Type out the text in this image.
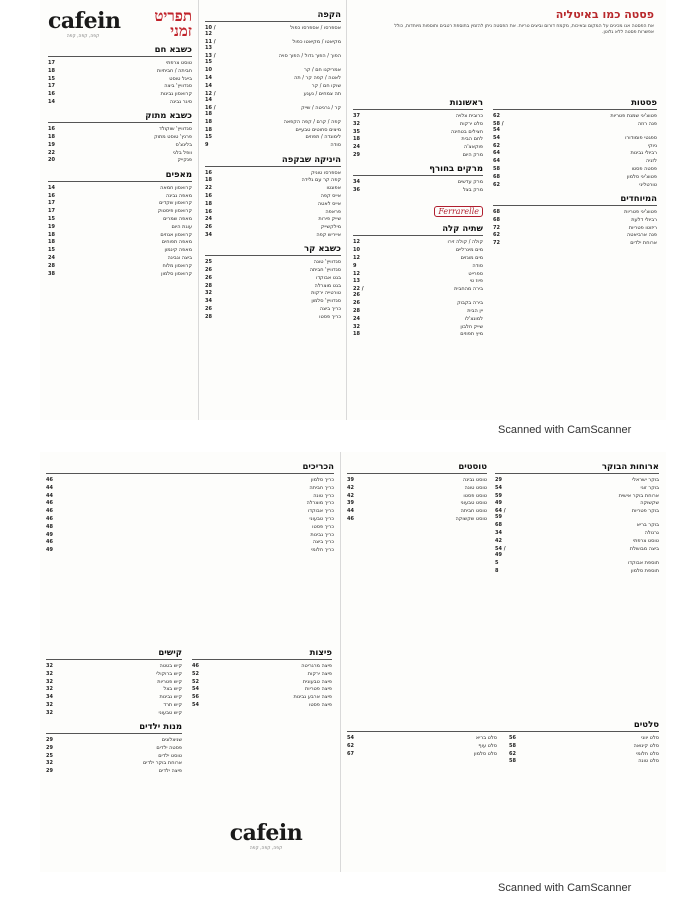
cafein
קפה, קפה, קפה
תפריט זמני
כשבא חם
טוסט צרפתי
17
חביתה / חביתיות
18
בייגל טוסט
15
סנדוויץ' ביצה
17
קרואסון גבינות
16
סיגר גבינה
14
כשבא מתוק
סנדוויץ' שוקולד
16
פרנץ' טוסט מתוק
18
בלינצ'ס
19
וופל בלגי
22
פנקייק
20
מאפים
קרואסון חמאה
14
מאפה גבינה
16
קרואסון שקדים
17
קרואסון פיסטוק
17
מאפה שמרים
15
עוגת היום
19
קרואסון אגוזים
18
מאפה תפוחים
18
מאפה קינמון
15
ביצה וגבינה
24
קרואסון מלוח
28
קרואסון סלמון
38
הקפה
אספרסו / אספרסו כפול
10 / 12
מקיאטו / מקיאטו כפול
11 / 13
הפוך / הפוך גדול / הפוך סויה
13 / 15
אמריקנו חם / קר
10
לאטה / קפה קר / תה
14
שוקו חם / קר
14
תה צמחים / נענע
12 / 14
קר / גרניטה / שייק
16 / 18
קפה / קרם / קפה הקפאה
18
מיצים סחוטים טבעיים
18
לימונדה / תפוזים
15
סודה
9
היניקה שבקפה
אספרסו טוניק
16
קפה קר עם גלידה
18
אפוגטו
22
אייס קפה
16
אייס לאטה
18
פראפה
16
שייק פירות
24
מילקשייק
26
אייריש קפה
34
כשבא קר
סנדוויץ' טונה
25
סנדוויץ' חביתה
26
בגט אבוקדו
26
בגט מוצרלה
28
טורטייה ירקות
32
סנדוויץ' סלמון
34
כריך ביצה
26
כריך פסטו
28
פסטה כמו באיטליה
את הפסטה אנו מכינים על המקום ובאיכות, מקמח דורום וביצים טריות. את הפסטה ניתן להזמין בתוספת רטבים ותוספות מיוחדות, כולל אפשרות פסטה ללא גלוטן.
ראשונות
כרובית צלויה
37
סלט ירקות
32
חצילים בטחינה
35
לחם הבית
18
פוקאצ'ה
24
מרק היום
29
מרקים בחורף
מרק עדשים
34
מרק בצל
36
Ferrarelle
שתיה קלה
קולה / קולה זירו
12
מים מינרליים
10
מים מוגזים
12
סודה
9
ספרייט
12
פיוז טי
13
בירה מהחבית
22 / 26
בירה בקבוק
26
יין הבית
28
למונצ'לו
24
שייק חלבון
32
מיץ תפוזים
18
פסטות
פטוצ'יני שמנת פטריות
62
פנה רוזה
58 / 54
ספגטי פומודורו
54
ניוקי
62
רביולי גבינות
64
לזניה
64
פסטה פסטו
58
פטוצ'יני סלמון
68
טורטליני
62
המיוחדים
פטוצ'יני פטריות
68
רביולי דלעת
68
ריזוטו פטריות
72
פנה ארביאטה
62
ארוחת ילדים
72
Scanned with CamScanner
הכריכים
כריך סלמון
46
כריך חביתה
44
כריך טונה
44
כריך מוצרלה
46
כריך אבוקדו
46
כריך טבעוני
46
כריך פסטו
48
כריך גבינות
49
כריך ביצה
46
כריך חלומי
49
קישים
קיש בטטה
32
קיש ברוקולי
32
קיש פטריות
32
קיש בצל
32
קיש גבינות
34
קיש תרד
32
קיש טבעוני
32
מנות ילדים
שניצלונים
29
פסטה ילדים
29
טוסט ילדים
25
ארוחת בוקר ילדים
32
פיצה ילדים
29
פיצות
פיצה מרגריטה
46
פיצה ירקות
52
פיצה טבעונית
52
פיצה פטריות
54
פיצה ארבע גבינות
56
פיצה פסטו
54
cafein
קפה, קפה, קפה
טוסטים
טוסט גבינה
39
טוסט טונה
42
טוסט פסטו
42
טוסט טבעוני
39
טוסט חביתה
44
טוסט שקשוקה
46
ארוחות הבוקר
בוקר ישראלי
29
בוקר זוגי
54
ארוחת בוקר אישית
59
שקשוקה
49
בוקר פטריות
64 / 59
בוקר בריא
68
גרנולה
34
טוסט צרפתי
42
ביצה מבושלת
54 / 49
תוספת אבוקדו
5
תוספת סלמון
8
סלטים
סלט יווני
56
סלט קינואה
58
סלט חלומי
62
סלט טונה
58
סלט בריא
54
סלט עוף
62
סלט סלמון
67
Scanned with CamScanner
